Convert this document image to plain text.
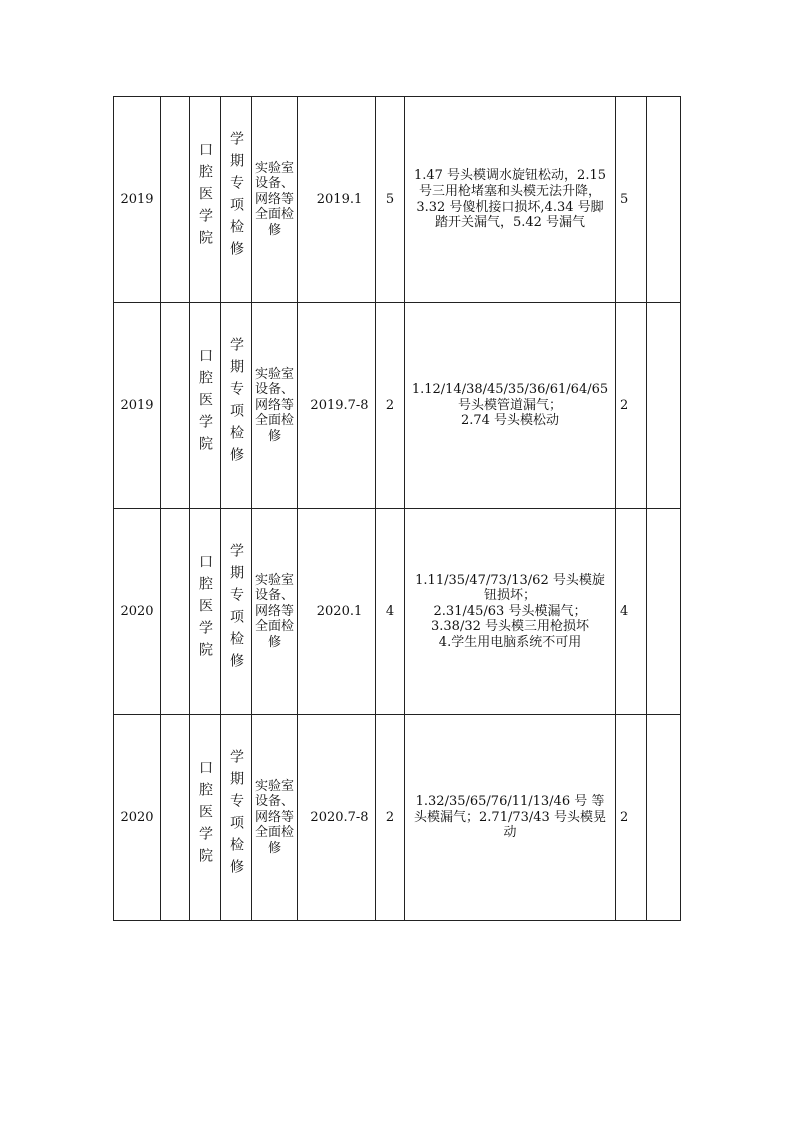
2019		口腔医学院	学期专项检修	实验室设备、网络等全面检修	2019.1	5	1.47 号头模调水旋钮松动，2.15

号三用枪堵塞和头模无法升降，

3.32 号傻机接口损坏,4.34 号脚

踏开关漏气，5.42 号漏气	5	
2019		口腔医学院	学期专项检修	实验室设备、网络等全面检修	2019.7-8	2	1.12/14/38/45/35/36/61/64/65

号头模管道漏气；

2.74 号头模松动	2	
2020		口腔医学院	学期专项检修	实验室设备、网络等全面检修	2020.1	4	1.11/35/47/73/13/62 号头模旋

钮损坏；

2.31/45/63 号头模漏气；

3.38/32 号头模三用枪损坏

4.学生用电脑系统不可用	4	
2020		口腔医学院	学期专项检修	实验室设备、网络等全面检修	2020.7-8	2	1.32/35/65/76/11/13/46 号 等

头模漏气；2.71/73/43 号头模晃

动	2	
